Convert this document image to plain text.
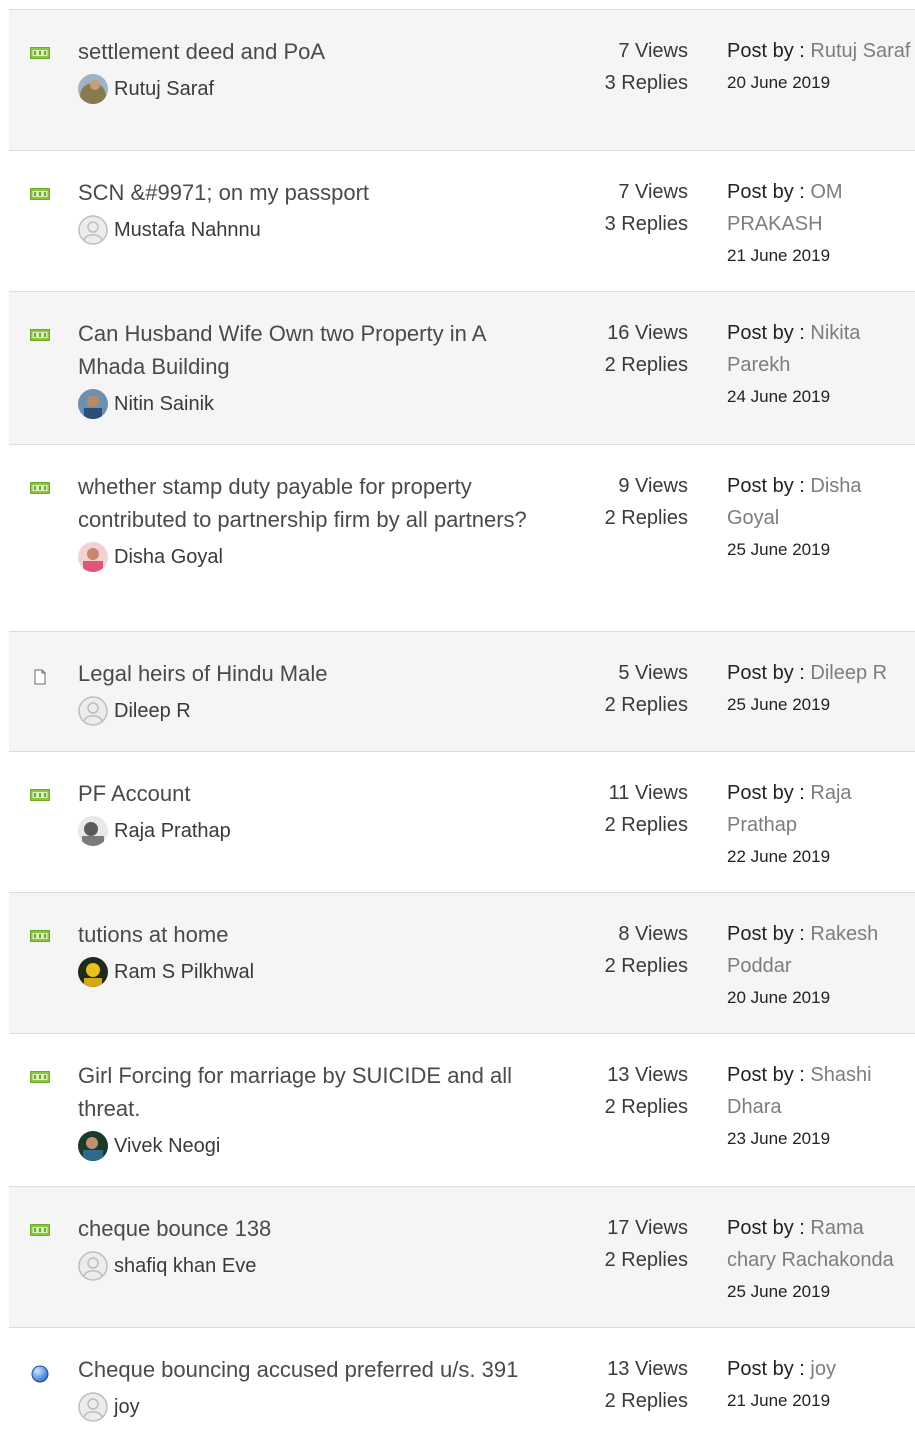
settlement deed and PoA
Rutuj Saraf
7 Views
3 Replies
Post by : Rutuj Saraf
20 June 2019
SCN &#9971; on my passport
Mustafa Nahnnu
7 Views
3 Replies
Post by : OM PRAKASH
21 June 2019
Can Husband Wife Own two Property in A Mhada Building
Nitin Sainik
16 Views
2 Replies
Post by : Nikita Parekh
24 June 2019
whether stamp duty payable for property contributed to partnership firm by all partners?
Disha Goyal
9 Views
2 Replies
Post by : Disha Goyal
25 June 2019
Legal heirs of Hindu Male
Dileep R
5 Views
2 Replies
Post by : Dileep R
25 June 2019
PF Account
Raja Prathap
11 Views
2 Replies
Post by : Raja Prathap
22 June 2019
tutions at home
Ram S Pilkhwal
8 Views
2 Replies
Post by : Rakesh Poddar
20 June 2019
Girl Forcing for marriage by SUICIDE and all threat.
Vivek Neogi
13 Views
2 Replies
Post by : Shashi Dhara
23 June 2019
cheque bounce 138
shafiq khan Eve
17 Views
2 Replies
Post by : Rama chary Rachakonda
25 June 2019
Cheque bouncing accused preferred u/s. 391
joy
13 Views
2 Replies
Post by : joy
21 June 2019
